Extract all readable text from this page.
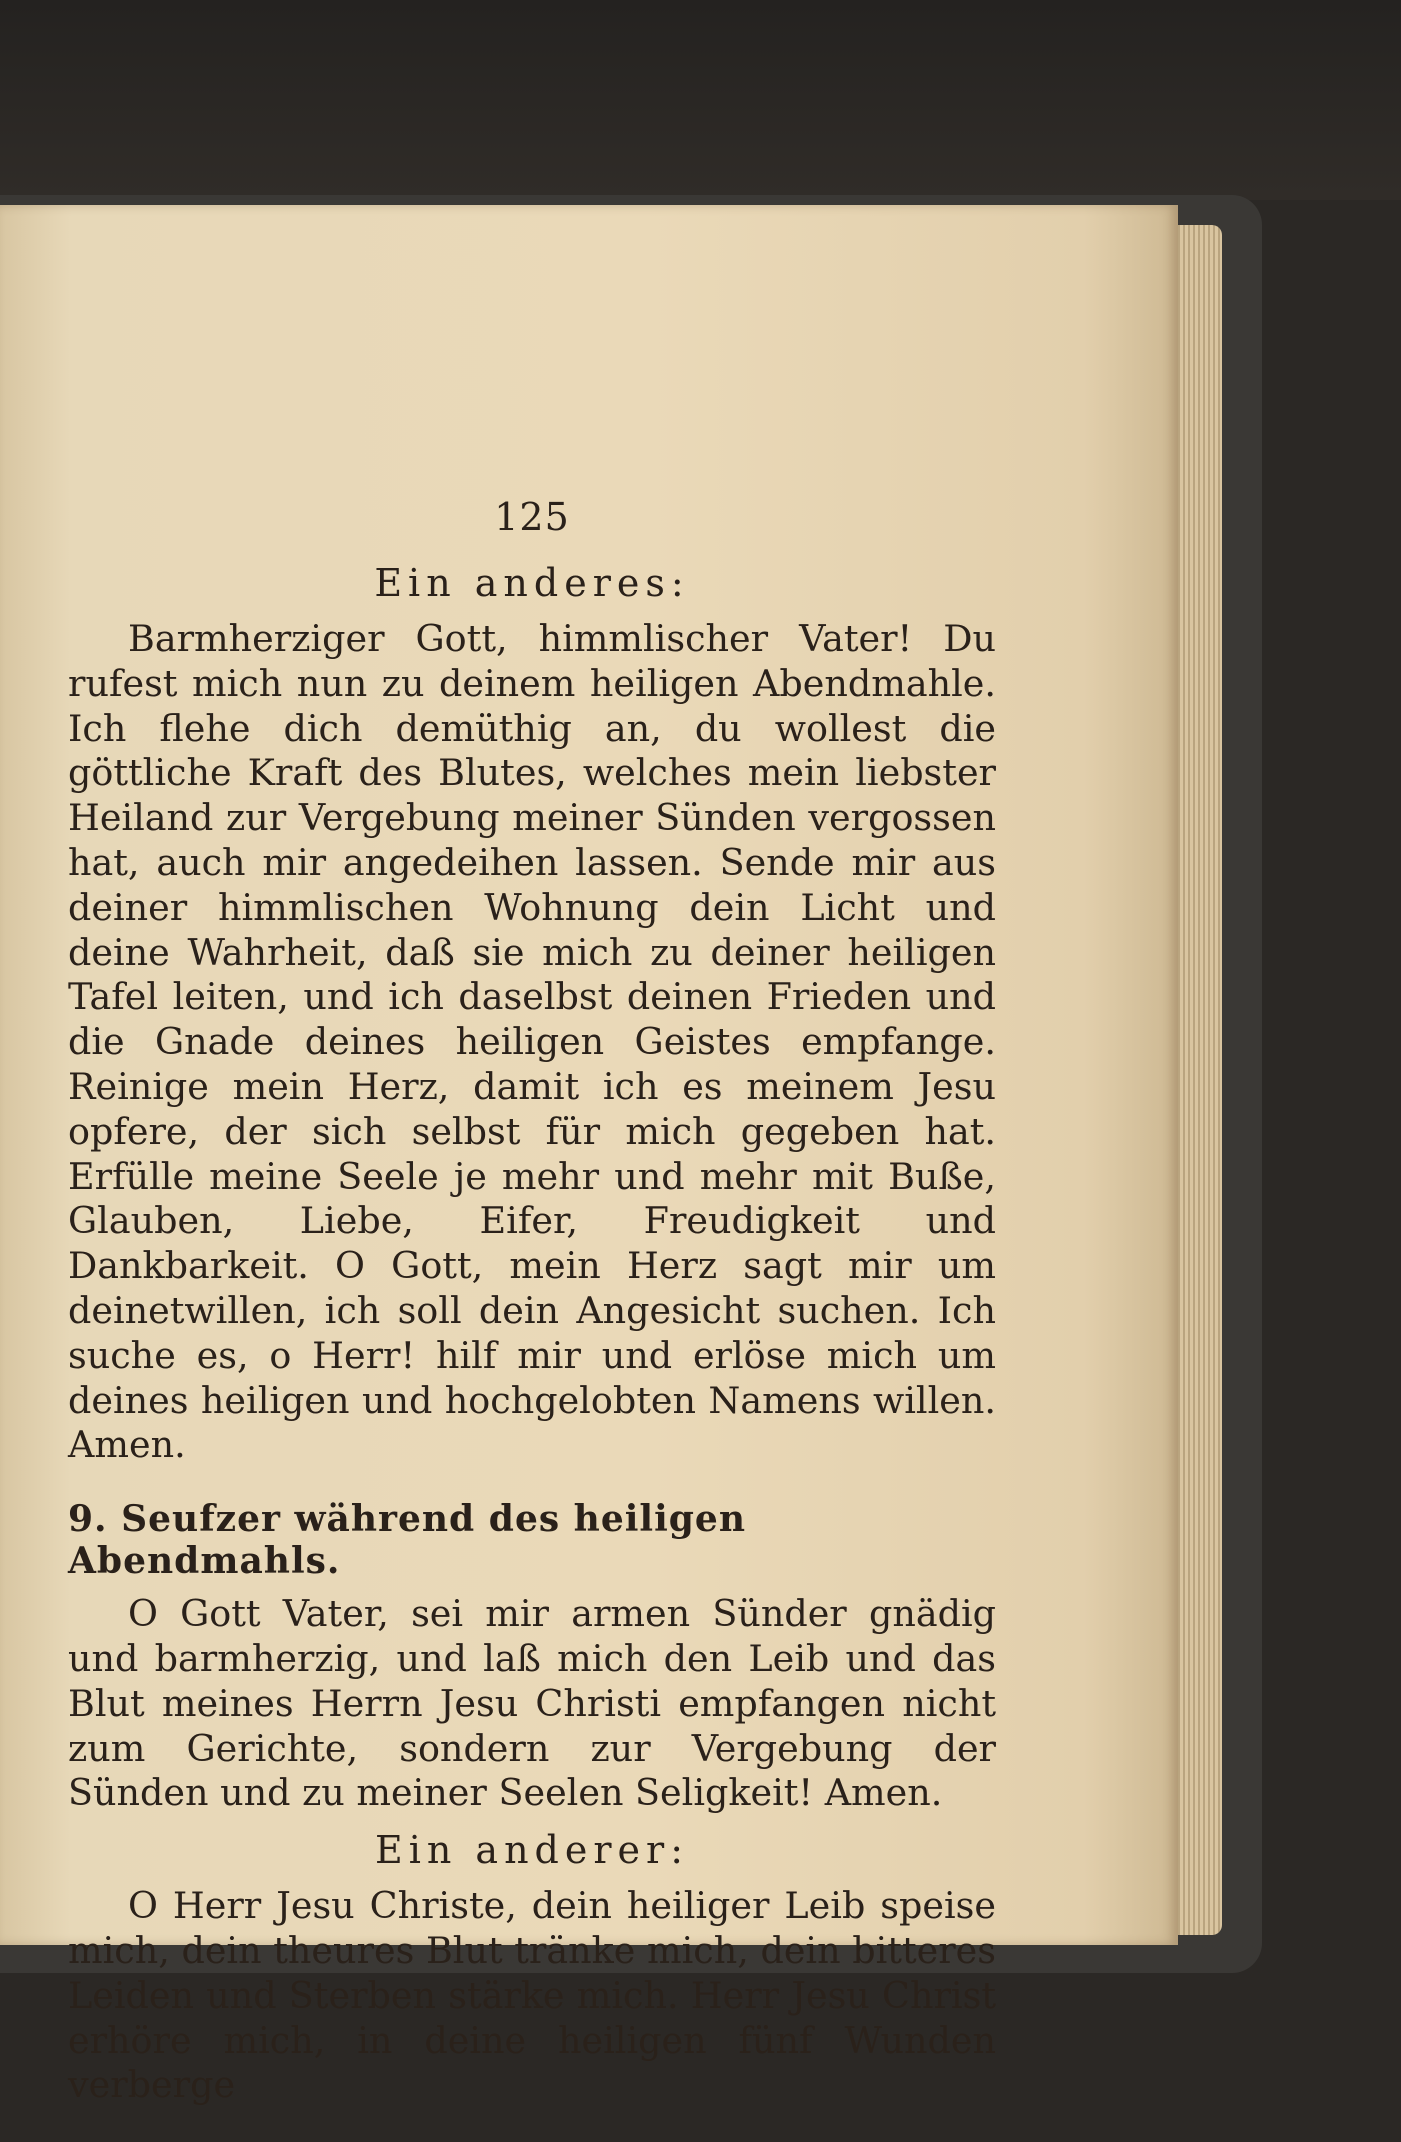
125
Ein anderes:

Barmherziger Gott, himmlischer Vater! Du rufest mich nun zu deinem heiligen Abendmahle. Ich flehe dich demüthig an, du wollest die göttliche Kraft des Blutes, welches mein liebster Heiland zur Vergebung meiner Sünden vergossen hat, auch mir angedeihen lassen. Sende mir aus deiner himmlischen Wohnung dein Licht und deine Wahrheit, daß sie mich zu deiner heiligen Tafel leiten, und ich daselbst deinen Frieden und die Gnade deines heiligen Geistes empfange. Reinige mein Herz, damit ich es meinem Jesu opfere, der sich selbst für mich gegeben hat. Erfülle meine Seele je mehr und mehr mit Buße, Glauben, Liebe, Eifer, Freudigkeit und Dankbarkeit. O Gott, mein Herz sagt mir um deinetwillen, ich soll dein Angesicht suchen. Ich suche es, o Herr! hilf mir und erlöse mich um deines heiligen und hochgelobten Namens willen. Amen.

9. Seufzer während des heiligen Abendmahls.

O Gott Vater, sei mir armen Sünder gnädig und barmherzig, und laß mich den Leib und das Blut meines Herrn Jesu Christi empfangen nicht zum Gerichte, sondern zur Vergebung der Sünden und zu meiner Seelen Seligkeit! Amen.

Ein anderer:

O Herr Jesu Christe, dein heiliger Leib speise mich, dein theures Blut tränke mich, dein bitteres Leiden und Sterben stärke mich. Herr Jesu Christ erhöre mich, in deine heiligen fünf Wunden verberge
